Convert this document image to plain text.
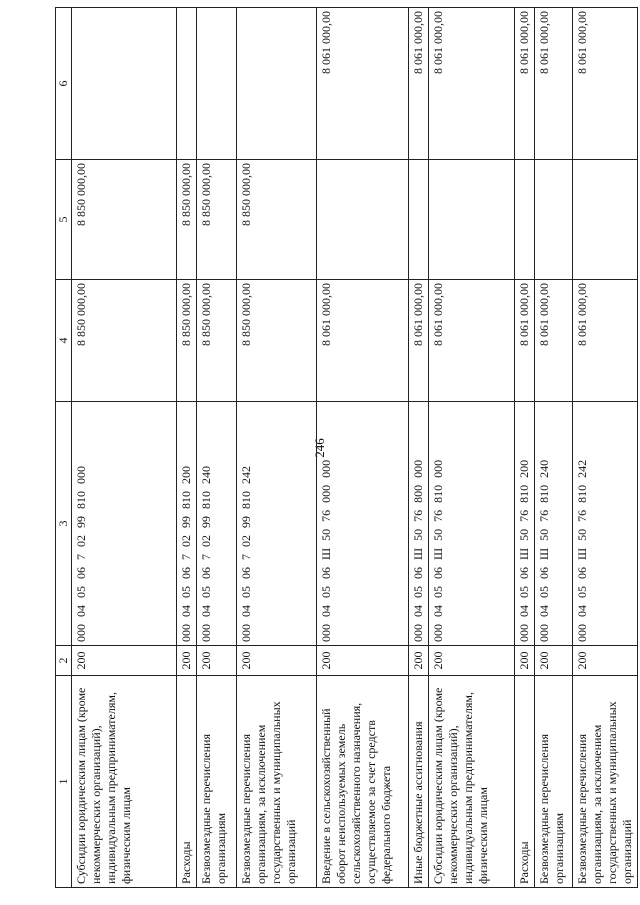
246
1	2	3	4	5	6
Субсидии юридическим лицам (кроме некоммерческих организаций), индивидуальным предпринимателям, физическим лицам	200	000 04 05 06 7 02 99 810 000	8 850 000,00	8 850 000,00	
Расходы	200	000 04 05 06 7 02 99 810 200	8 850 000,00	8 850 000,00	
Безвозмездные перечисления организациям	200	000 04 05 06 7 02 99 810 240	8 850 000,00	8 850 000,00	
Безвозмездные перечисления организациям, за исключением государственных и муниципальных организаций	200	000 04 05 06 7 02 99 810 242	8 850 000,00	8 850 000,00	
Введение в сельскохозяйственный оборот неиспользуемых земель сельскохозяйственного назначения, осуществляемое за счет средств федерального бюджета	200	000 04 05 06 Ш 50 76 000 000	8 061 000,00		8 061 000,00
Иные бюджетные ассигнования	200	000 04 05 06 Ш 50 76 800 000	8 061 000,00		8 061 000,00
Субсидии юридическим лицам (кроме некоммерческих организаций), индивидуальным предпринимателям, физическим лицам	200	000 04 05 06 Ш 50 76 810 000	8 061 000,00		8 061 000,00
Расходы	200	000 04 05 06 Ш 50 76 810 200	8 061 000,00		8 061 000,00
Безвозмездные перечисления организациям	200	000 04 05 06 Ш 50 76 810 240	8 061 000,00		8 061 000,00
Безвозмездные перечисления организациям, за исключением государственных и муниципальных организаций	200	000 04 05 06 Ш 50 76 810 242	8 061 000,00		8 061 000,00
